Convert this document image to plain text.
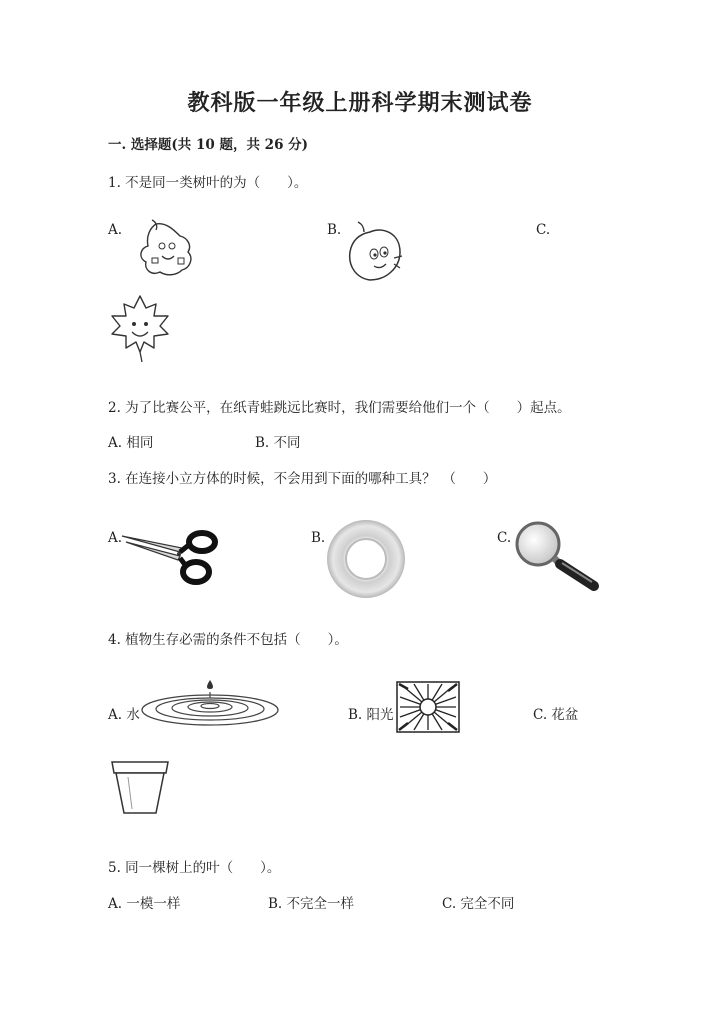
教科版一年级上册科学期末测试卷
一. 选择题(共 10 题，共 26 分)
1. 不是同一类树叶的为（　　）。
A.	B.	C.
2. 为了比赛公平，在纸青蛙跳远比赛时，我们需要给他们一个（　　）起点。
A. 相同	B. 不同
3. 在连接小立方体的时候，不会用到下面的哪种工具？　（　　）
A.	B.	C.
4. 植物生存必需的条件不包括（　　）。
A. 水	B. 阳光	C. 花盆
5. 同一棵树上的叶（　　）。
A. 一模一样	B. 不完全一样	C. 完全不同
